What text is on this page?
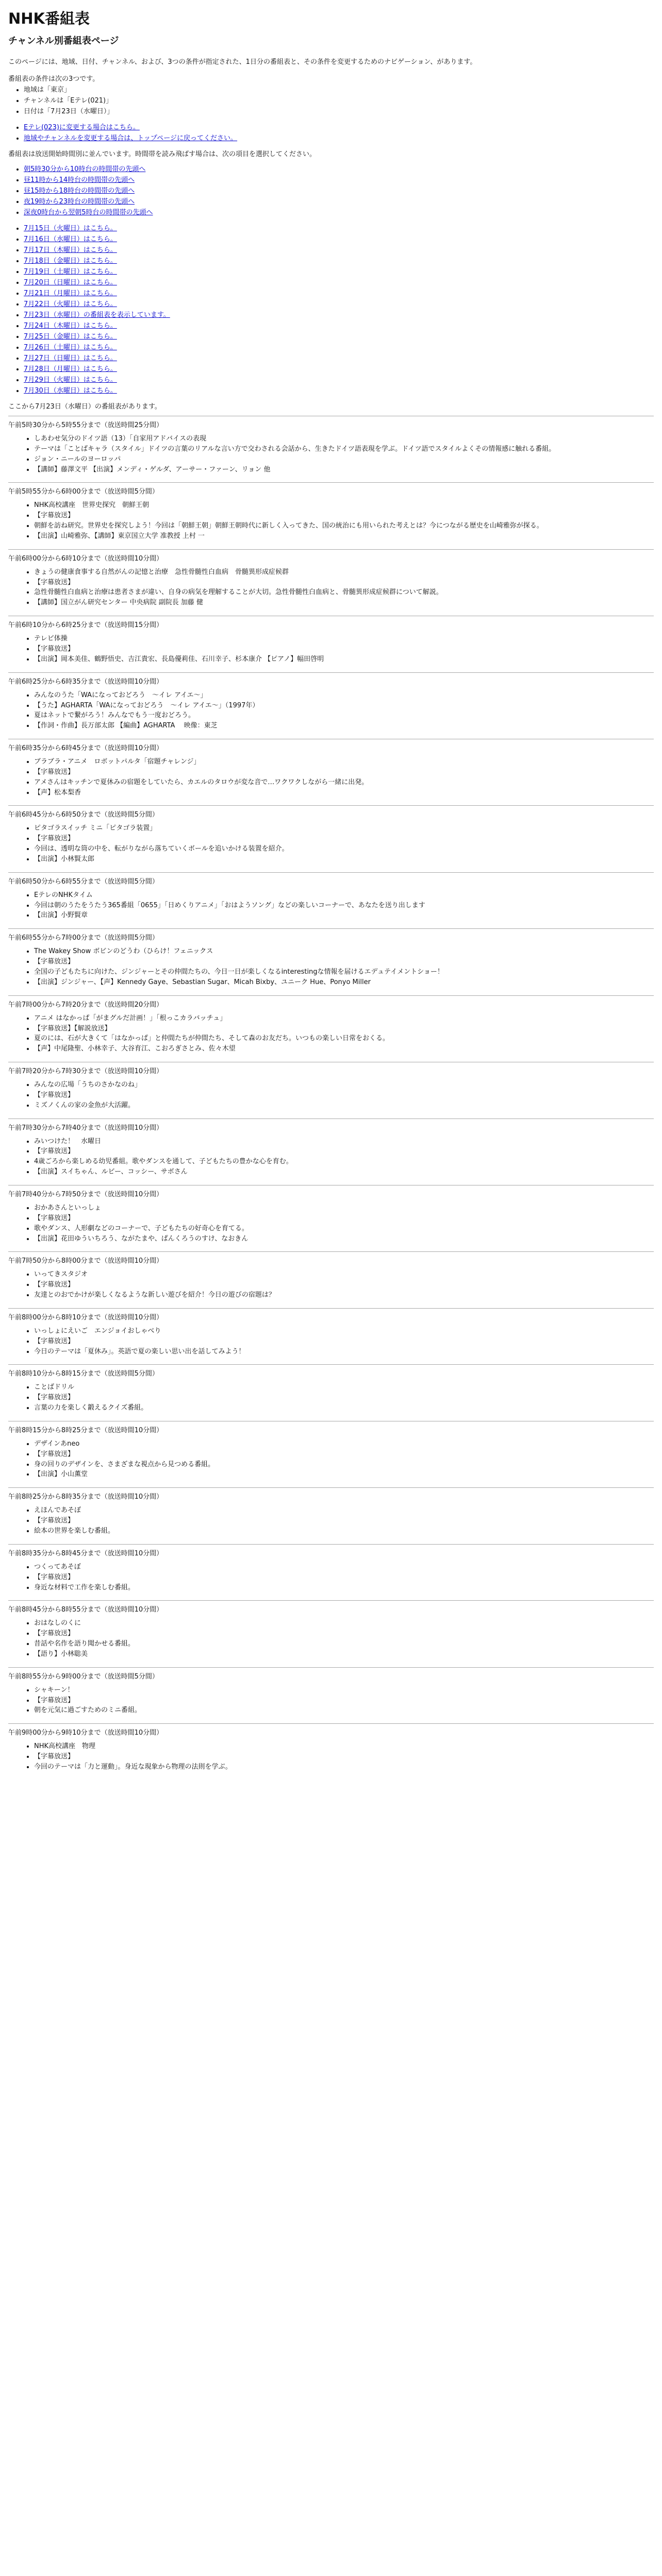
NHK番組表
チャンネル別番組表ページ

このページには、地域、日付、チャンネル、および、3つの条件が指定された、1日分の番組表と、その条件を変更するためのナビゲーション、があります。

番組表の条件は次の3つです。

• 地域は「東京」
• チャンネルは「Eテレ(021)」
• 日付は「7月23日（水曜日）」
• Eテレ(023)に変更する場合はこちら。
• 地域やチャンネルを変更する場合は、トップページに戻ってください。

番組表は放送開始時間別に並んでいます。時間帯を読み飛ばす場合は、次の項目を選択してください。

• 朝5時30分から10時台の時間帯の先頭へ
• 昼11時から14時台の時間帯の先頭へ
• 昼15時から18時台の時間帯の先頭へ
• 夜19時から23時台の時間帯の先頭へ
• 深夜0時台から翌朝5時台の時間帯の先頭へ
• 7月15日（火曜日）はこちら。
• 7月16日（水曜日）はこちら。
• 7月17日（木曜日）はこちら。
• 7月18日（金曜日）はこちら。
• 7月19日（土曜日）はこちら。
• 7月20日（日曜日）はこちら。
• 7月21日（月曜日）はこちら。
• 7月22日（火曜日）はこちら。
• 7月23日（水曜日）の番組表を表示しています。
• 7月24日（木曜日）はこちら。
• 7月25日（金曜日）はこちら。
• 7月26日（土曜日）はこちら。
• 7月27日（日曜日）はこちら。
• 7月28日（月曜日）はこちら。
• 7月29日（火曜日）はこちら。
• 7月30日（水曜日）はこちら。

ここから7月23日（水曜日）の番組表があります。

午前5時30分から5時55分まで（放送時間25分間）

• しあわせ気分のドイツ語（13）「自家用アドバイスの表現
• テーマは「ことばキャラ（スタイル」ドイツの言葉のリアルな言い方で交わされる会話から、生きたドイツ語表現を学ぶ。ドイツ語でスタイルよくその情報感に触れる番組。
• ジョン・ニールのヨーロッパ
• 【講師】藤澤文平 【出演】メンディ・ゲルダ、アーサー・ファーン、リョン 他

午前5時55分から6時00分まで（放送時間5分間）

• NHK高校講座　世界史探究　朝鮮王朝
• 【字幕放送】
• 朝鮮を訪ね研究。世界史を探究しよう！今回は「朝鮮王朝」朝鮮王朝時代に新しく入ってきた、国の統治にも用いられた考えとは？今につながる歴史を山崎雅弥が探る。
• 【出演】山崎雅弥、【講師】東京国立大学 准教授 上村 一

午前6時00分から6時10分まで（放送時間10分間）

• きょうの健康食事する自然がんの記憶と治療　急性骨髄性白血病　骨髄異形成症候群
• 【字幕放送】
• 急性骨髄性白血病と治療は患者さまが違い、自身の病気を理解することが大切。急性骨髄性白血病と、骨髄異形成症候群について解説。
• 【講師】国立がん研究センター 中央病院 副院長 加藤 健

午前6時10分から6時25分まで（放送時間15分間）

• テレビ体操
• 【字幕放送】
• 【出演】岡本美佳、鶴野悟史、吉江貴宏、長島優莉佳、石川幸子、杉本康介 【ピアノ】幅田啓明

午前6時25分から6時35分まで（放送時間10分間）

• みんなのうた「WAになっておどろう　～イレ アイエ～」
• 【うた】AGHARTA「WAになっておどろう　～イレ アイエ～」（1997年）
• 夏はネットで繋がろう！みんなでもう一度おどろう。
• 【作詞・作曲】長万部太郎 【編曲】AGHARTA 　映像：東芝

午前6時35分から6時45分まで（放送時間10分間）

• ブラブラ・アニメ　ロボットパルタ「宿題チャレンジ」
• 【字幕放送】
• アメさんはキッチンで夏休みの宿題をしていたら、カエルのタロウが変な音で…ワクワクしながら一緒に出発。
• 【声】松本梨香

午前6時45分から6時50分まで（放送時間5分間）

• ピタゴラスイッチ ミニ「ピタゴラ装置」
• 【字幕放送】
• 今回は、透明な筒の中を、転がりながら落ちていくボールを追いかける装置を紹介。
• 【出演】小林賢太郎

午前6時50分から6時55分まで（放送時間5分間）

• EテレのNHKタイム
• 今回は朝のうたをうたう365番組「0655」「日めくりアニメ」「おはようソング」などの楽しいコーナーで、あなたを送り出します
• 【出演】小野賢章

午前6時55分から7時00分まで（放送時間5分間）

• The Wakey Show ボビンのどうわ（ひらけ！フェニックス
• 【字幕放送】
• 全国の子どもたちに向けた、ジンジャーとその仲間たちの、今日一日が楽しくなるinterestingな情報を届けるエデュテイメントショー！
• 【出演】ジンジャー、【声】Kennedy Gaye、Sebastian Sugar、Micah Bixby、ユニーク Hue、Ponyo Miller

午前7時00分から7時20分まで（放送時間20分間）

• アニメ はなかっぱ「がまグルだ計画！」「根っこカラバッチュ」
• 【字幕放送】【解説放送】
• 夏のには、石が大きくて「はなかっぱ」と仲間たちが仲間たち、そして森のお友だち。いつもの楽しい日常をおくる。
• 【声】中尾隆聖、小林幸子、大谷育江、こおろぎさとみ、佐々木望

午前7時20分から7時30分まで（放送時間10分間）

• みんなの広場「うちのさかなのね」
• 【字幕放送】
• ミズノくんの家の金魚が大活躍。

午前7時30分から7時40分まで（放送時間10分間）

• みいつけた！　水曜日
• 【字幕放送】
• 4歳ごろから楽しめる幼児番組。歌やダンスを通して、子どもたちの豊かな心を育む。
• 【出演】スイちゃん、ルビー、コッシー、サボさん

午前7時40分から7時50分まで（放送時間10分間）

• おかあさんといっしょ
• 【字幕放送】
• 歌やダンス、人形劇などのコーナーで、子どもたちの好奇心を育てる。
• 【出演】花田ゆういちろう、ながたまや、ぱんくろうのすけ、なおきん

午前7時50分から8時00分まで（放送時間10分間）

• いってきスタジオ
• 【字幕放送】
• 友達とのおでかけが楽しくなるような新しい遊びを紹介！今日の遊びの宿題は？

午前8時00分から8時10分まで（放送時間10分間）

• いっしょにえいご　エンジョイおしゃべり
• 【字幕放送】
• 今日のテーマは「夏休み」。英語で夏の楽しい思い出を話してみよう！

午前8時10分から8時15分まで（放送時間5分間）

• ことばドリル
• 【字幕放送】
• 言葉の力を楽しく鍛えるクイズ番組。

午前8時15分から8時25分まで（放送時間10分間）

• デザインあneo
• 【字幕放送】
• 身の回りのデザインを、さまざまな視点から見つめる番組。
• 【出演】小山薫堂

午前8時25分から8時35分まで（放送時間10分間）

• えほんであそぼ
• 【字幕放送】
• 絵本の世界を楽しむ番組。

午前8時35分から8時45分まで（放送時間10分間）

• つくってあそぼ
• 【字幕放送】
• 身近な材料で工作を楽しむ番組。

午前8時45分から8時55分まで（放送時間10分間）

• おはなしのくに
• 【字幕放送】
• 昔話や名作を語り聞かせる番組。
• 【語り】小林聡美

午前8時55分から9時00分まで（放送時間5分間）

• シャキーン！
• 【字幕放送】
• 朝を元気に過ごすためのミニ番組。

午前9時00分から9時10分まで（放送時間10分間）

• NHK高校講座　物理
• 【字幕放送】
• 今回のテーマは「力と運動」。身近な現象から物理の法則を学ぶ。
